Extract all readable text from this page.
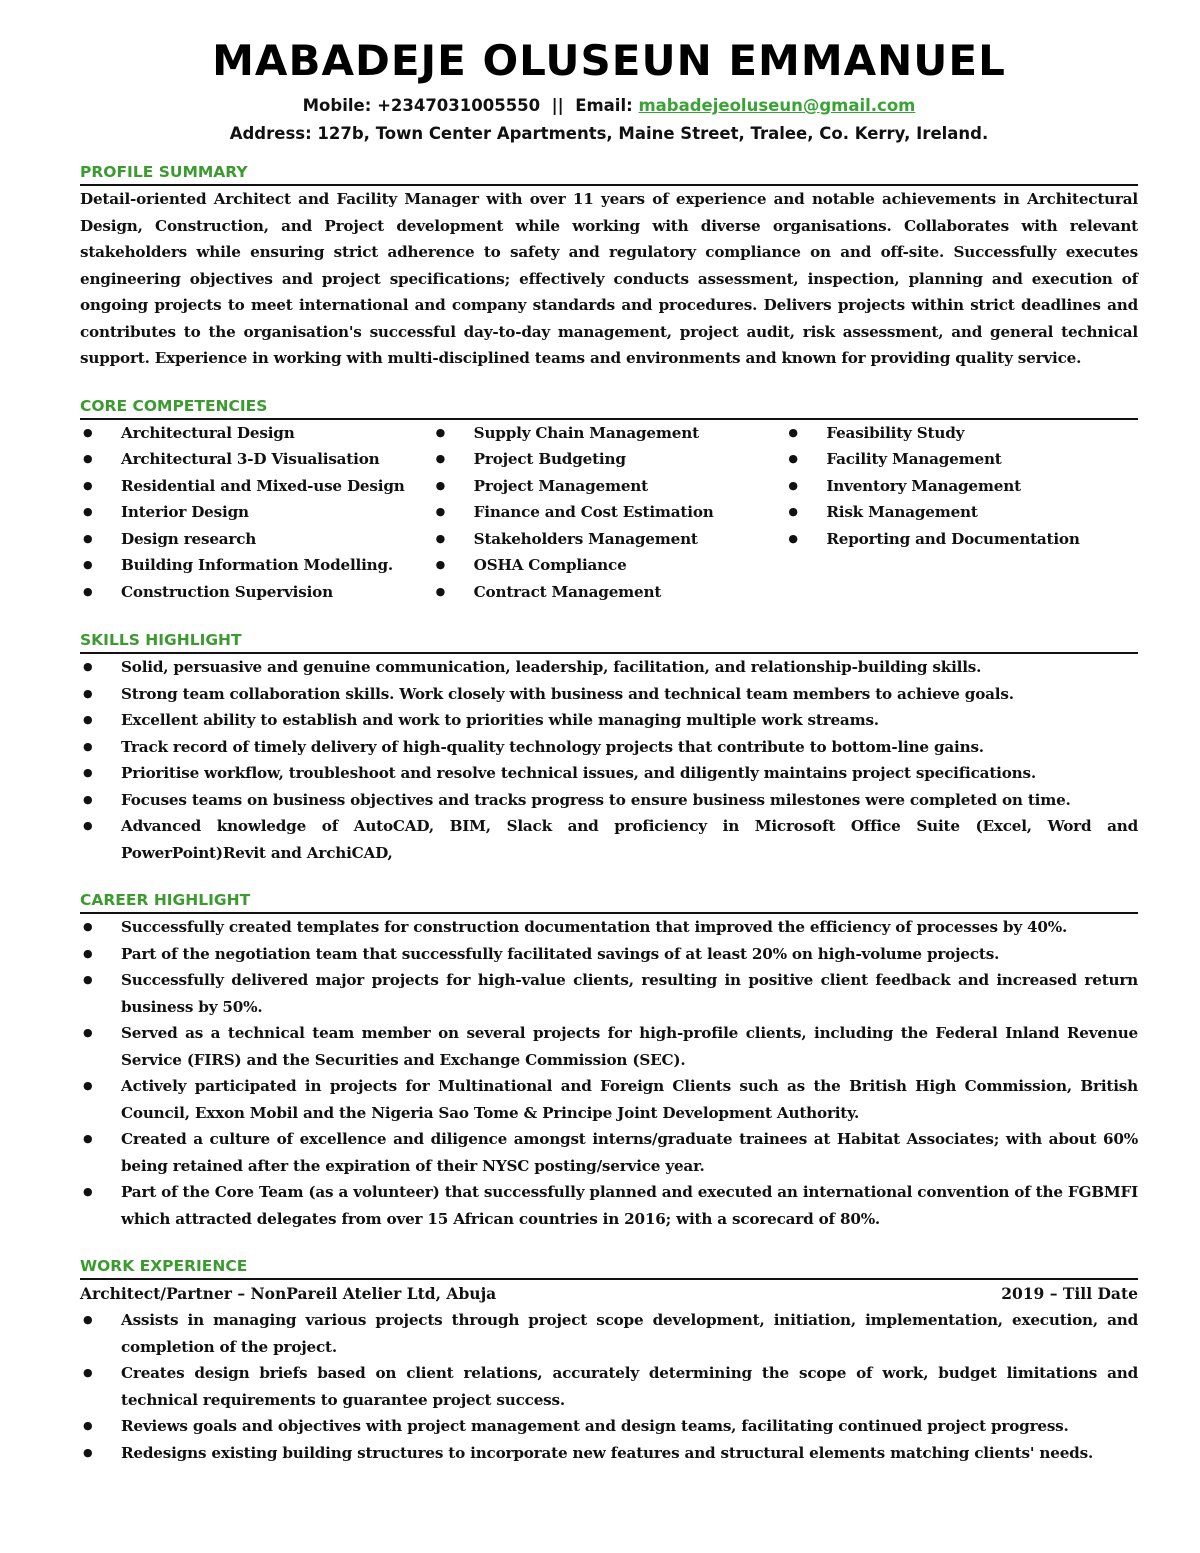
MABADEJE OLUSEUN EMMANUEL

Mobile: +2347031005550 || Email: mabadejeoluseun@gmail.com

Address: 127b, Town Center Apartments, Maine Street, Tralee, Co. Kerry, Ireland.

PROFILE SUMMARY

Detail-oriented Architect and Facility Manager with over 11 years of experience and notable achievements in Architectural Design, Construction, and Project development while working with diverse organisations. Collaborates with relevant stakeholders while ensuring strict adherence to safety and regulatory compliance on and off-site. Successfully executes engineering objectives and project specifications; effectively conducts assessment, inspection, planning and execution of ongoing projects to meet international and company standards and procedures. Delivers projects within strict deadlines and contributes to the organisation's successful day-to-day management, project audit, risk assessment, and general technical support. Experience in working with multi-disciplined teams and environments and known for providing quality service.

CORE COMPETENCIES
● Architectural Design
● Architectural 3-D Visualisation
● Residential and Mixed-use Design
● Interior Design
● Design research
● Building Information Modelling.
● Construction Supervision
● Supply Chain Management
● Project Budgeting
● Project Management
● Finance and Cost Estimation
● Stakeholders Management
● OSHA Compliance
● Contract Management
● Feasibility Study
● Facility Management
● Inventory Management
● Risk Management
● Reporting and Documentation
SKILLS HIGHLIGHT
● Solid, persuasive and genuine communication, leadership, facilitation, and relationship-building skills.
● Strong team collaboration skills. Work closely with business and technical team members to achieve goals.
● Excellent ability to establish and work to priorities while managing multiple work streams.
● Track record of timely delivery of high-quality technology projects that contribute to bottom-line gains.
● Prioritise workflow, troubleshoot and resolve technical issues, and diligently maintains project specifications.
● Focuses teams on business objectives and tracks progress to ensure business milestones were completed on time.
● Advanced knowledge of AutoCAD, BIM, Slack and proficiency in Microsoft Office Suite (Excel, Word and PowerPoint)Revit and ArchiCAD,
CAREER HIGHLIGHT
● Successfully created templates for construction documentation that improved the efficiency of processes by 40%.
● Part of the negotiation team that successfully facilitated savings of at least 20% on high-volume projects.
● Successfully delivered major projects for high-value clients, resulting in positive client feedback and increased return business by 50%.
● Served as a technical team member on several projects for high-profile clients, including the Federal Inland Revenue Service (FIRS) and the Securities and Exchange Commission (SEC).
● Actively participated in projects for Multinational and Foreign Clients such as the British High Commission, British Council, Exxon Mobil and the Nigeria Sao Tome & Principe Joint Development Authority.
● Created a culture of excellence and diligence amongst interns/graduate trainees at Habitat Associates; with about 60% being retained after the expiration of their NYSC posting/service year.
● Part of the Core Team (as a volunteer) that successfully planned and executed an international convention of the FGBMFI which attracted delegates from over 15 African countries in 2016; with a scorecard of 80%.
WORK EXPERIENCE
Architect/Partner – NonPareil Atelier Ltd, Abuja	2019 – Till Date
● Assists in managing various projects through project scope development, initiation, implementation, execution, and completion of the project.
● Creates design briefs based on client relations, accurately determining the scope of work, budget limitations and technical requirements to guarantee project success.
● Reviews goals and objectives with project management and design teams, facilitating continued project progress.
● Redesigns existing building structures to incorporate new features and structural elements matching clients' needs.
